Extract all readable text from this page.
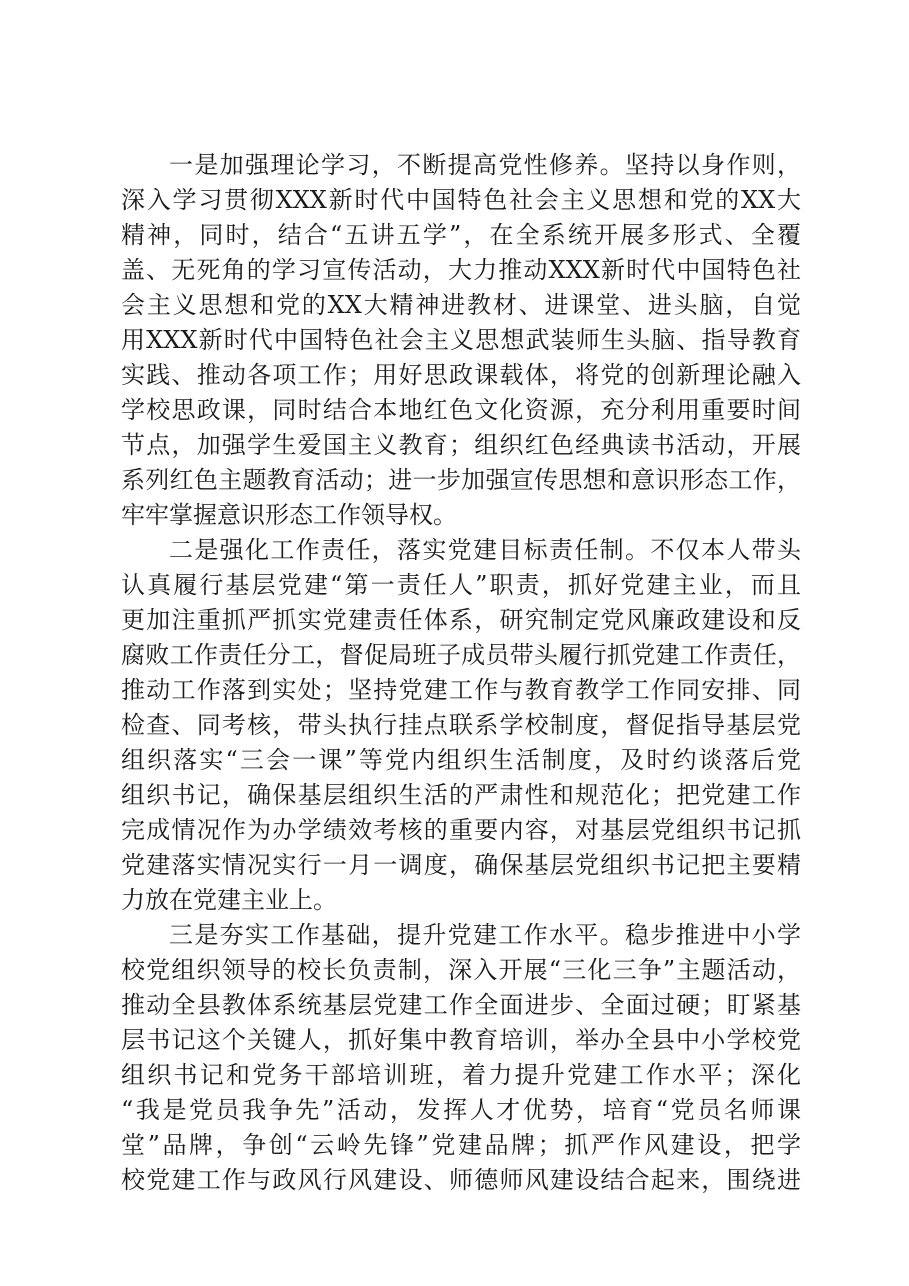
一是加强理论学习，不断提高党性修养。坚持以身作则，
深入学习贯彻XXX新时代中国特色社会主义思想和党的XX大
精神，同时，结合“五讲五学”，在全系统开展多形式、全覆
盖、无死角的学习宣传活动，大力推动XXX新时代中国特色社
会主义思想和党的XX大精神进教材、进课堂、进头脑，自觉
用XXX新时代中国特色社会主义思想武装师生头脑、指导教育
实践、推动各项工作；用好思政课载体，将党的创新理论融入
学校思政课，同时结合本地红色文化资源，充分利用重要时间
节点，加强学生爱国主义教育；组织红色经典读书活动，开展
系列红色主题教育活动；进一步加强宣传思想和意识形态工作，
牢牢掌握意识形态工作领导权。
二是强化工作责任，落实党建目标责任制。不仅本人带头
认真履行基层党建“第一责任人”职责，抓好党建主业，而且
更加注重抓严抓实党建责任体系，研究制定党风廉政建设和反
腐败工作责任分工，督促局班子成员带头履行抓党建工作责任，
推动工作落到实处；坚持党建工作与教育教学工作同安排、同
检查、同考核，带头执行挂点联系学校制度，督促指导基层党
组织落实“三会一课”等党内组织生活制度，及时约谈落后党
组织书记，确保基层组织生活的严肃性和规范化；把党建工作
完成情况作为办学绩效考核的重要内容，对基层党组织书记抓
党建落实情况实行一月一调度，确保基层党组织书记把主要精
力放在党建主业上。
三是夯实工作基础，提升党建工作水平。稳步推进中小学
校党组织领导的校长负责制，深入开展“三化三争”主题活动，
推动全县教体系统基层党建工作全面进步、全面过硬；盯紧基
层书记这个关键人，抓好集中教育培训，举办全县中小学校党
组织书记和党务干部培训班，着力提升党建工作水平；深化
“我是党员我争先”活动，发挥人才优势，培育“党员名师课
堂”品牌，争创“云岭先锋”党建品牌；抓严作风建设，把学
校党建工作与政风行风建设、师德师风建设结合起来，围绕进
